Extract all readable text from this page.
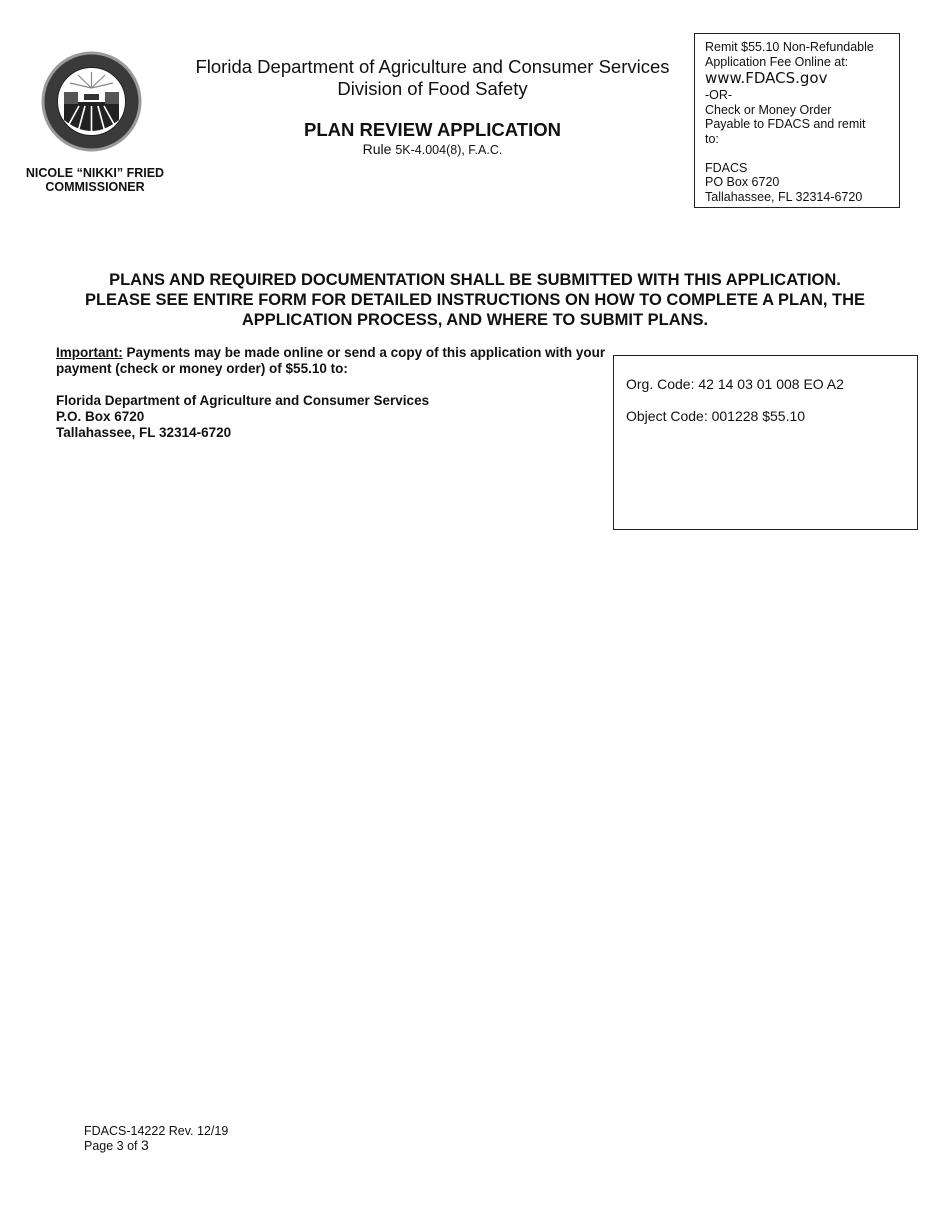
NICOLE “NIKKI” FRIED
COMMISSIONER
Florida Department of Agriculture and Consumer Services
Division of Food Safety
PLAN REVIEW APPLICATION
Rule 5K-4.004(8), F.A.C.
Remit $55.10 Non-Refundable
Application Fee Online at:
www.FDACS.gov
-OR-
Check or Money Order
Payable to FDACS and remit
to:
FDACS
PO Box 6720
Tallahassee, FL 32314-6720
PLANS AND REQUIRED DOCUMENTATION SHALL BE SUBMITTED WITH THIS APPLICATION.
PLEASE SEE ENTIRE FORM FOR DETAILED INSTRUCTIONS ON HOW TO COMPLETE A PLAN, THE
APPLICATION PROCESS, AND WHERE TO SUBMIT PLANS.
Important: Payments may be made online or send a copy of this application with your payment (check or money order) of $55.10 to:
Florida Department of Agriculture and Consumer Services
P.O. Box 6720
Tallahassee, FL 32314-6720
Org. Code: 42 14 03 01 008 EO A2
Object Code: 001228 $55.10
FDACS-14222 Rev. 12/19
Page 3 of 3
